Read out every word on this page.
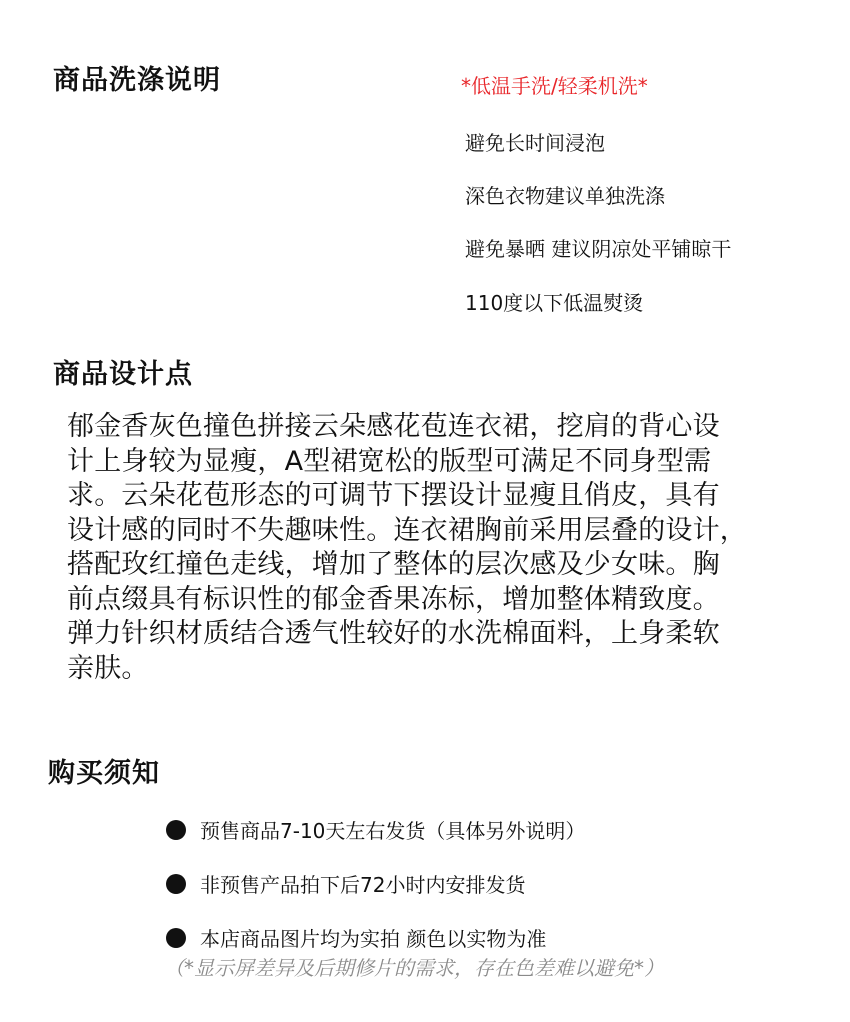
商品洗涤说明	*低温手洗/轻柔机洗*
避免长时间浸泡
深色衣物建议单独洗涤
避免暴晒 建议阴凉处平铺晾干
110度以下低温熨烫
商品设计点
郁金香灰色撞色拼接云朵感花苞连衣裙，挖肩的背心设
计上身较为显瘦，A型裙宽松的版型可满足不同身型需
求。云朵花苞形态的可调节下摆设计显瘦且俏皮，具有
设计感的同时不失趣味性。连衣裙胸前采用层叠的设计，
搭配玫红撞色走线，增加了整体的层次感及少女味。胸
前点缀具有标识性的郁金香果冻标，增加整体精致度。
弹力针织材质结合透气性较好的水洗棉面料，上身柔软
亲肤。
购买须知
预售商品7-10天左右发货（具体另外说明）
非预售产品拍下后72小时内安排发货
本店商品图片均为实拍 颜色以实物为准
（*显示屏差异及后期修片的需求，存在色差难以避免*）
